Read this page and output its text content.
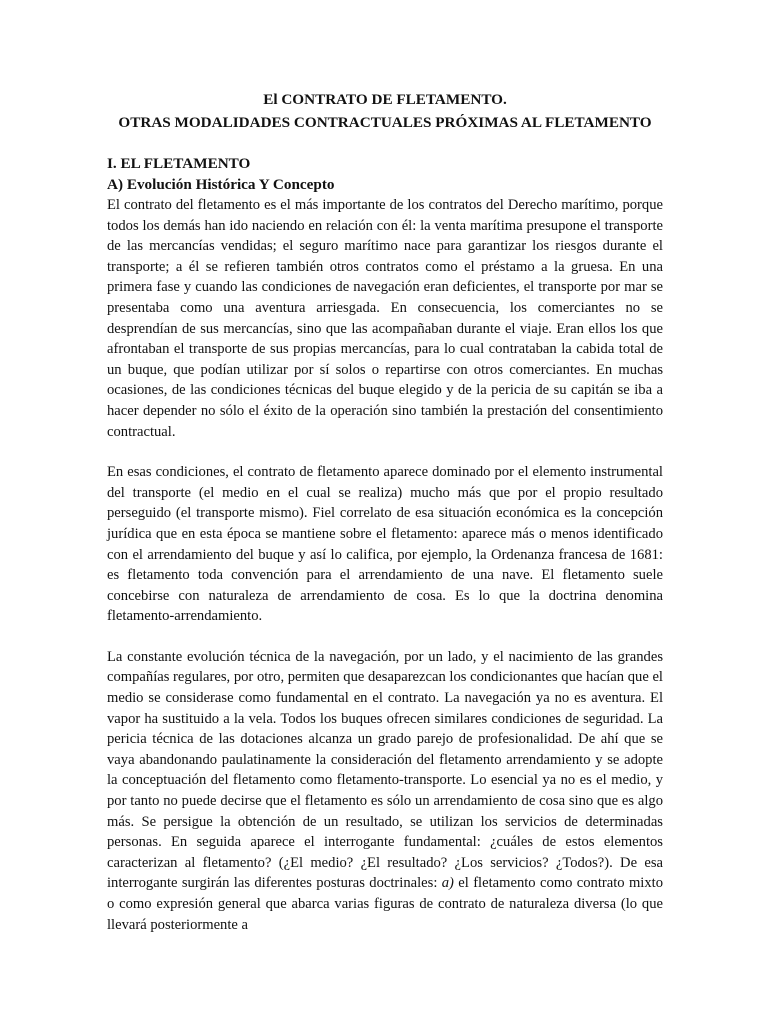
El CONTRATO DE FLETAMENTO.

OTRAS MODALIDADES CONTRACTUALES PRÓXIMAS AL FLETAMENTO

I. EL FLETAMENTO

A) Evolución Histórica Y Concepto

El contrato del fletamento es el más importante de los contratos del Derecho marítimo, porque todos los demás han ido naciendo en relación con él: la venta marítima presupone el transporte de las mercancías vendidas; el seguro marítimo nace para garantizar los riesgos durante el transporte; a él se refieren también otros contratos como el préstamo a la gruesa. En una primera fase y cuando las condiciones de navegación eran deficientes, el transporte por mar se presentaba como una aventura arriesgada. En consecuencia, los comerciantes no se desprendían de sus mercancías, sino que las acompañaban durante el viaje. Eran ellos los que afrontaban el transporte de sus propias mercancías, para lo cual contrataban la cabida total de un buque, que podían utilizar por sí solos o repartirse con otros comerciantes. En muchas ocasiones, de las condiciones técnicas del buque elegido y de la pericia de su capitán se iba a hacer depender no sólo el éxito de la operación sino también la prestación del consentimiento contractual.

En esas condiciones, el contrato de fletamento aparece dominado por el elemento instrumental del transporte (el medio en el cual se realiza) mucho más que por el propio resultado perseguido (el transporte mismo). Fiel correlato de esa situación económica es la concepción jurídica que en esta época se mantiene sobre el fletamento: aparece más o menos identificado con el arrendamiento del buque y así lo califica, por ejemplo, la Ordenanza francesa de 1681: es fletamento toda convención para el arrendamiento de una nave. El fletamento suele concebirse con naturaleza de arrendamiento de cosa. Es lo que la doctrina denomina fletamento-arrendamiento.

La constante evolución técnica de la navegación, por un lado, y el nacimiento de las grandes compañías regulares, por otro, permiten que desaparezcan los condicionantes que hacían que el medio se considerase como fundamental en el contrato. La navegación ya no es aventura. El vapor ha sustituido a la vela. Todos los buques ofrecen similares condiciones de seguridad. La pericia técnica de las dotaciones alcanza un grado parejo de profesionalidad. De ahí que se vaya abandonando paulatinamente la consideración del fletamento arrendamiento y se adopte la conceptuación del fletamento como fletamento-transporte. Lo esencial ya no es el medio, y por tanto no puede decirse que el fletamento es sólo un arrendamiento de cosa sino que es algo más. Se persigue la obtención de un resultado, se utilizan los servicios de determinadas personas. En seguida aparece el interrogante fundamental: ¿cuáles de estos elementos caracterizan al fletamento? (¿El medio? ¿El resultado? ¿Los servicios? ¿Todos?). De esa interrogante surgirán las diferentes posturas doctrinales: a) el fletamento como contrato mixto o como expresión general que abarca varias figuras de contrato de naturaleza diversa (lo que llevará posteriormente a
